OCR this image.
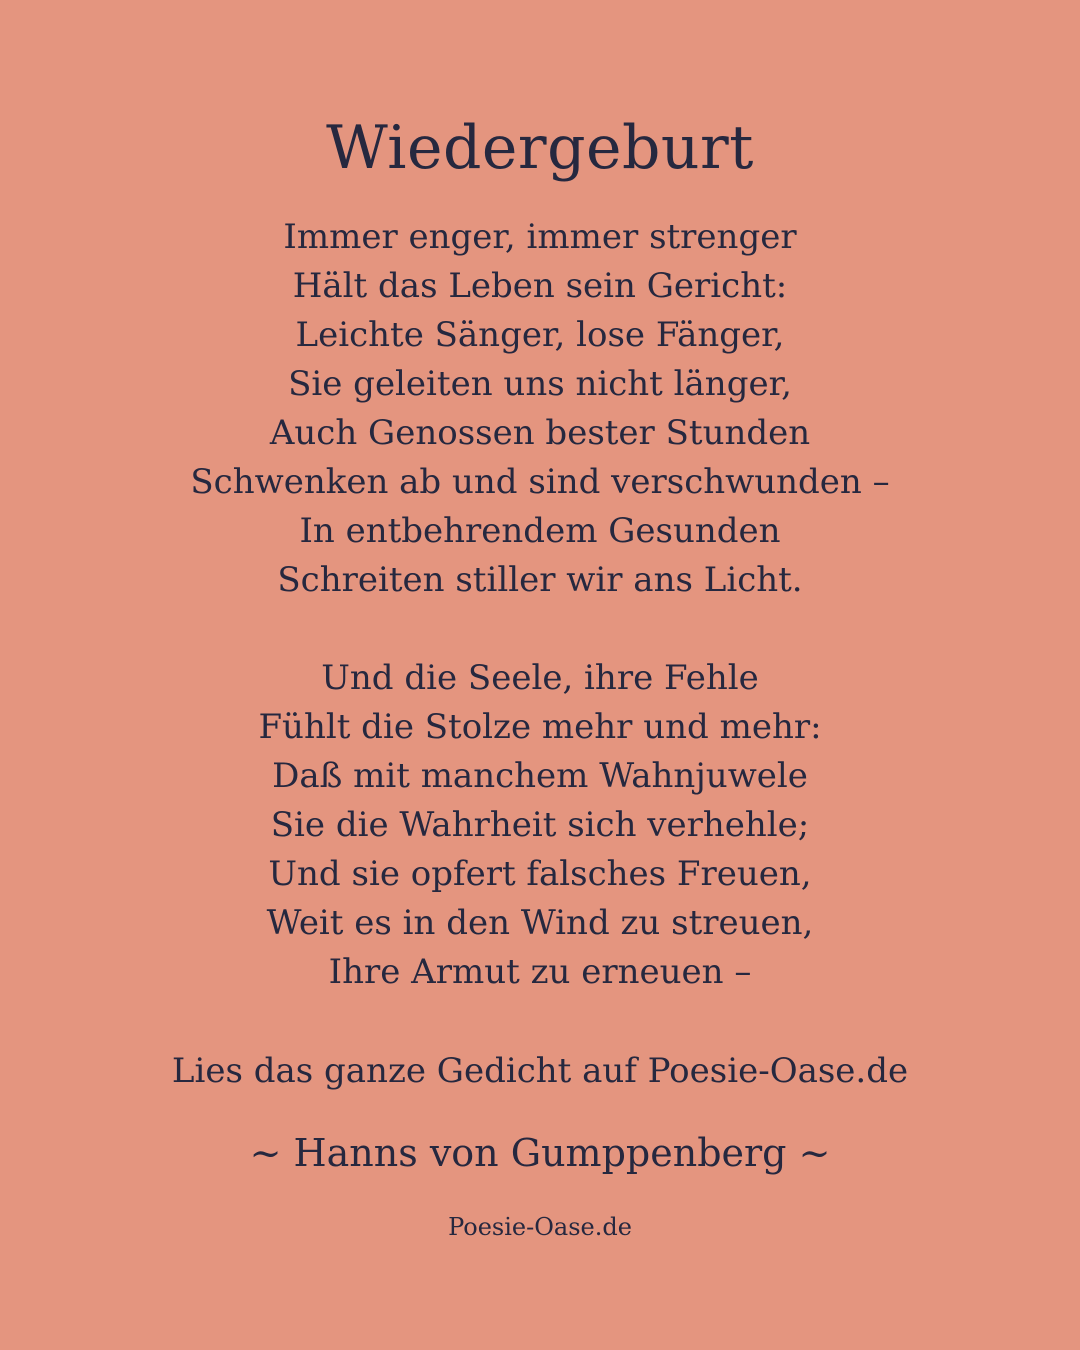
Wiedergeburt
Immer enger, immer strenger
Hält das Leben sein Gericht:
Leichte Sänger, lose Fänger,
Sie geleiten uns nicht länger,
Auch Genossen bester Stunden
Schwenken ab und sind verschwunden –
In entbehrendem Gesunden
Schreiten stiller wir ans Licht.
Und die Seele, ihre Fehle
Fühlt die Stolze mehr und mehr:
Daß mit manchem Wahnjuwele
Sie die Wahrheit sich verhehle;
Und sie opfert falsches Freuen,
Weit es in den Wind zu streuen,
Ihre Armut zu erneuen –
Lies das ganze Gedicht auf Poesie-Oase.de
~ Hanns von Gumppenberg ~
Poesie-Oase.de
